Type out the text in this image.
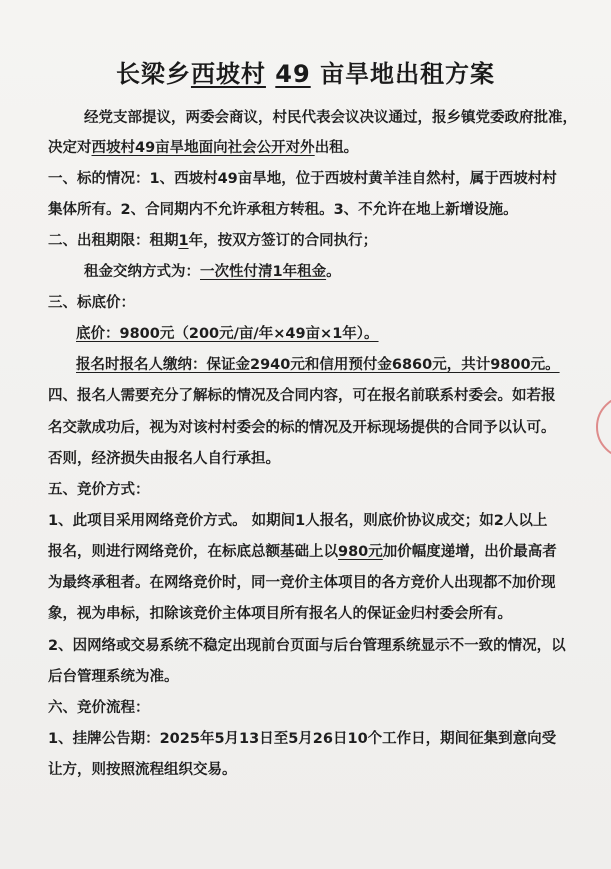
长梁乡西坡村 49 亩旱地出租方案
经党支部提议，两委会商议，村民代表会议决议通过，报乡镇党委政府批准，
决定对西坡村49亩旱地面向社会公开对外出租。
一、标的情况：1、西坡村49亩旱地，位于西坡村黄羊洼自然村，属于西坡村村
集体所有。2、合同期内不允许承租方转租。3、不允许在地上新增设施。
二、出租期限：租期1年，按双方签订的合同执行；
租金交纳方式为：一次性付清1年租金。
三、标底价：
底价：9800元（200元/亩/年×49亩×1年）。
报名时报名人缴纳：保证金2940元和信用预付金6860元，共计9800元。
四、报名人需要充分了解标的情况及合同内容，可在报名前联系村委会。如若报
名交款成功后，视为对该村村委会的标的情况及开标现场提供的合同予以认可。
否则，经济损失由报名人自行承担。
五、竞价方式：
1、此项目采用网络竞价方式。 如期间1人报名，则底价协议成交；如2人以上
报名，则进行网络竞价，在标底总额基础上以980元加价幅度递增，出价最高者
为最终承租者。在网络竞价时，同一竞价主体项目的各方竞价人出现都不加价现
象，视为串标，扣除该竞价主体项目所有报名人的保证金归村委会所有。
2、因网络或交易系统不稳定出现前台页面与后台管理系统显示不一致的情况，以
后台管理系统为准。
六、竞价流程：
1、挂牌公告期：2025年5月13日至5月26日10个工作日，期间征集到意向受
让方，则按照流程组织交易。
